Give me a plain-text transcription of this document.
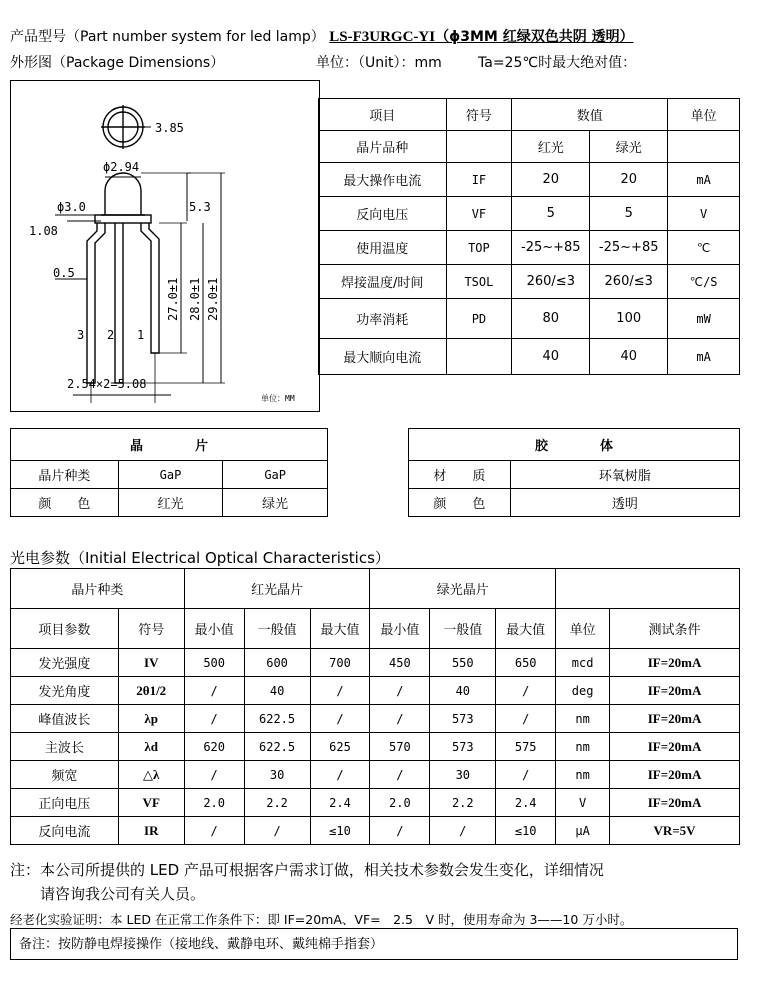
产品型号（Part number system for led lamp） LS-F3URGC-YI（ϕ3MM 红绿双色共阴 透明）
外形图（Package Dimensions）	单位：（Unit）：mm	Ta=25℃时最大绝对值：
3.85
ϕ2.94
ϕ3.0	5.3
1.08
0.5
27.0±1 28.0±1 29.0±1
3 2 1
2.54×2=5.08
单位：MM
项目	符号	数值		单位
晶片品种		红光	绿光	
最大操作电流	IF	20	20	mA
反向电压	VF	5	5	V
使用温度	TOP	-25~+85	-25~+85	℃
焊接温度/时间	TSOL	260/≤3	260/≤3	℃/S
功率消耗	PD	80	100	mW
最大顺向电流		40	40	mA
晶　　　　片		
晶片种类	GaP	GaP
颜　　色	红光	绿光
胶　　　　体	
材　　质	环氧树脂
颜　　色	透明
光电参数（Initial Electrical Optical Characteristics）
晶片种类		红光晶片			绿光晶片				
项目参数	符号	最小值	一般值	最大值	最小值	一般值	最大值	单位	测试条件
发光强度	IV	500	600	700	450	550	650	mcd	IF=20mA
发光角度	2θ1/2	/	40	/	/	40	/	deg	IF=20mA
峰值波长	λp	/	622.5	/	/	573	/	nm	IF=20mA
主波长	λd	620	622.5	625	570	573	575	nm	IF=20mA
频宽	△λ	/	30	/	/	30	/	nm	IF=20mA
正向电压	VF	2.0	2.2	2.4	2.0	2.2	2.4	V	IF=20mA
反向电流	IR	/	/	≤10	/	/	≤10	μA	VR=5V
注：本公司所提供的 LED 产品可根据客户需求订做，相关技术参数会发生变化，详细情况
请咨询我公司有关人员。
经老化实验证明：本 LED 在正常工作条件下：即 IF=20mA、VF=　2.5　V 时，使用寿命为 3——10 万小时。
备注：按防静电焊接操作（接地线、戴静电环、戴纯棉手指套）
